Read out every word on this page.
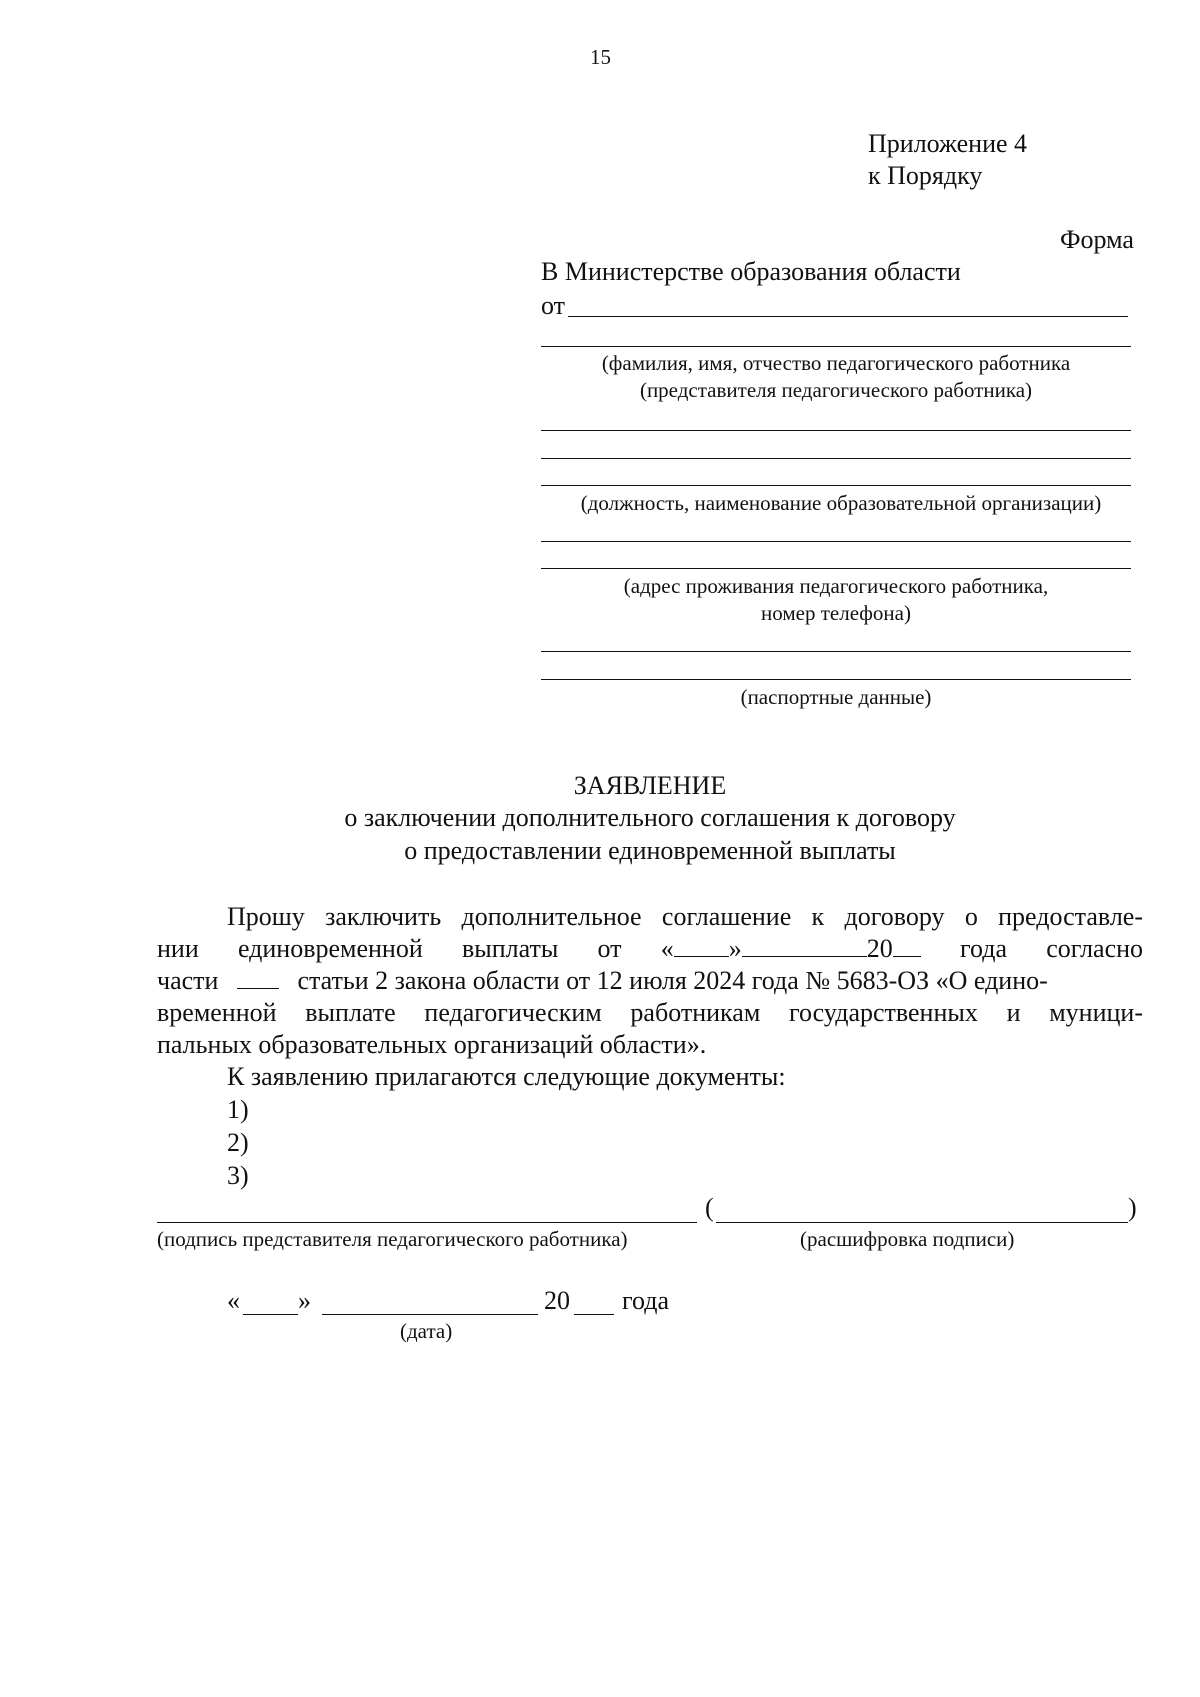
15
Приложение 4
к Порядку
Форма
В Министерстве образования области
от
(фамилия, имя, отчество педагогического работника
(представителя педагогического работника)
(должность, наименование образовательной организации)
(адрес проживания педагогического работника,
номер телефона)
(паспортные данные)
ЗАЯВЛЕНИЕ
о заключении дополнительного соглашения к договору
о предоставлении единовременной выплаты
Прошу заключить дополнительное соглашение к договору о предоставле-
нии единовременной выплаты от « »	20	года согласно
части	статьи 2 закона области от 12 июля 2024 года № 5683-ОЗ «О едино-
временной выплате педагогическим работникам государственных и муници-
пальных образовательных организаций области».
К заявлению прилагаются следующие документы:
1)
2)
3)
(	)
(подпись представителя педагогического работника)	(расшифровка подписи)
« »	20 года
(дата)
